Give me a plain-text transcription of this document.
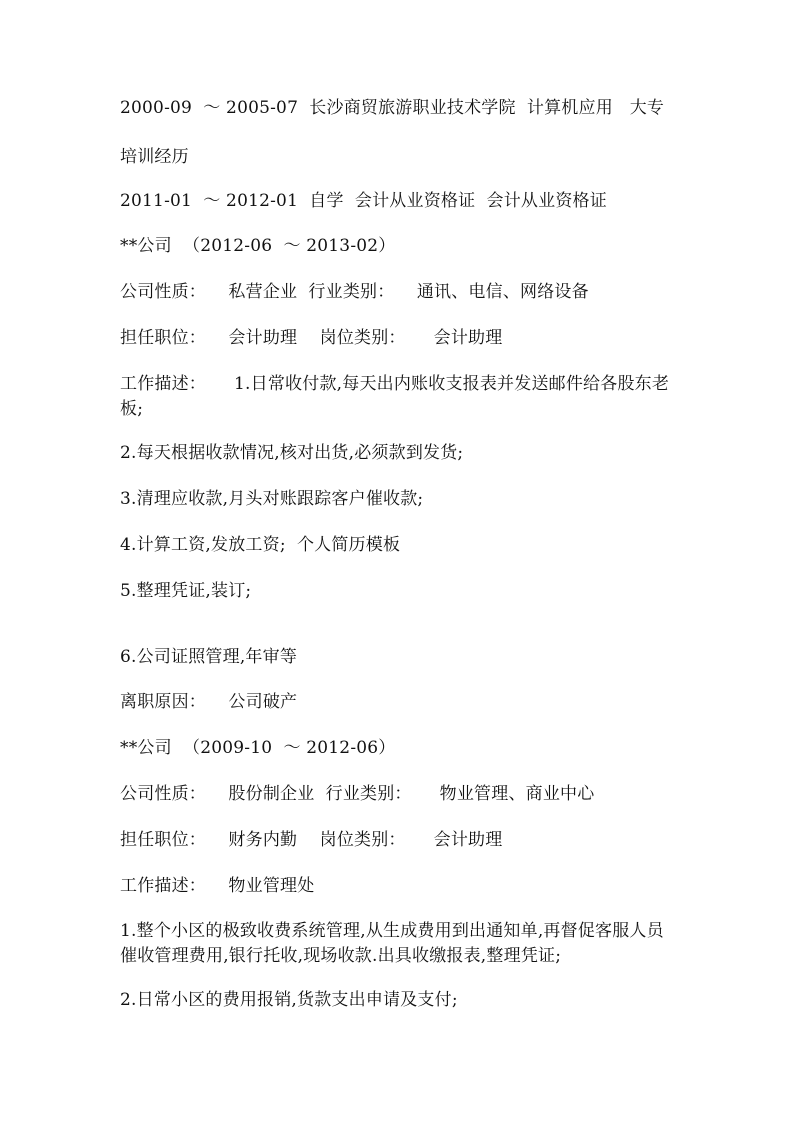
2000-09  ～ 2005-07  长沙商贸旅游职业技术学院  计算机应用   大专
培训经历
2011-01  ～ 2012-01  自学  会计从业资格证  会计从业资格证
**公司  （2012-06  ～ 2013-02）
公司性质：    私营企业  行业类别：    通讯、电信、网络设备
担任职位：    会计助理    岗位类别：     会计助理
工作描述：     1.日常收付款,每天出内账收支报表并发送邮件给各股东老板;
2.每天根据收款情况,核对出货,必须款到发货;
3.清理应收款,月头对账跟踪客户催收款;
4.计算工资,发放工资;  个人简历模板
5.整理凭证,装订;
6.公司证照管理,年审等
离职原因：    公司破产
**公司  （2009-10  ～ 2012-06）
公司性质：    股份制企业  行业类别：     物业管理、商业中心
担任职位：    财务内勤    岗位类别：     会计助理
工作描述：    物业管理处
1.整个小区的极致收费系统管理,从生成费用到出通知单,再督促客服人员催收管理费用,银行托收,现场收款.出具收缴报表,整理凭证;
2.日常小区的费用报销,货款支出申请及支付;
